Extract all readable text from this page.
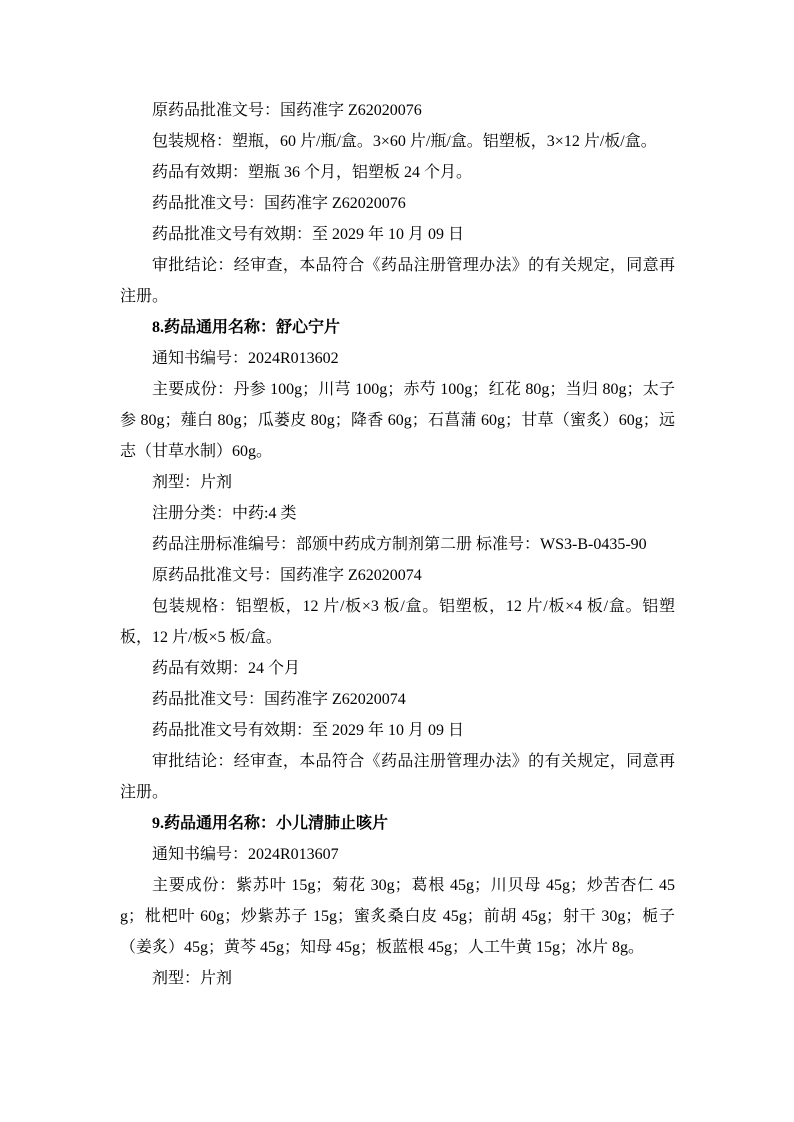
原药品批准文号：国药准字 Z62020076

包装规格：塑瓶，60 片/瓶/盒。3×60 片/瓶/盒。铝塑板，3×12 片/板/盒。

药品有效期：塑瓶 36 个月，铝塑板 24 个月。

药品批准文号：国药准字 Z62020076

药品批准文号有效期：至 2029 年 10 月 09 日

审批结论：经审查，本品符合《药品注册管理办法》的有关规定，同意再注册。

8.药品通用名称：舒心宁片

通知书编号：2024R013602

主要成份：丹参 100g；川芎 100g；赤芍 100g；红花 80g；当归 80g；太子参 80g；薤白 80g；瓜蒌皮 80g；降香 60g；石菖蒲 60g；甘草（蜜炙）60g；远志（甘草水制）60g。

剂型：片剂

注册分类：中药:4 类

药品注册标准编号：部颁中药成方制剂第二册 标准号：WS3-B-0435-90

原药品批准文号：国药准字 Z62020074

包装规格：铝塑板，12 片/板×3 板/盒。铝塑板，12 片/板×4 板/盒。铝塑板，12 片/板×5 板/盒。

药品有效期：24 个月

药品批准文号：国药准字 Z62020074

药品批准文号有效期：至 2029 年 10 月 09 日

审批结论：经审查，本品符合《药品注册管理办法》的有关规定，同意再注册。

9.药品通用名称：小儿清肺止咳片

通知书编号：2024R013607

主要成份：紫苏叶 15g；菊花 30g；葛根 45g；川贝母 45g；炒苦杏仁 45g；枇杷叶 60g；炒紫苏子 15g；蜜炙桑白皮 45g；前胡 45g；射干 30g；栀子（姜炙）45g；黄芩 45g；知母 45g；板蓝根 45g；人工牛黄 15g；冰片 8g。

剂型：片剂
